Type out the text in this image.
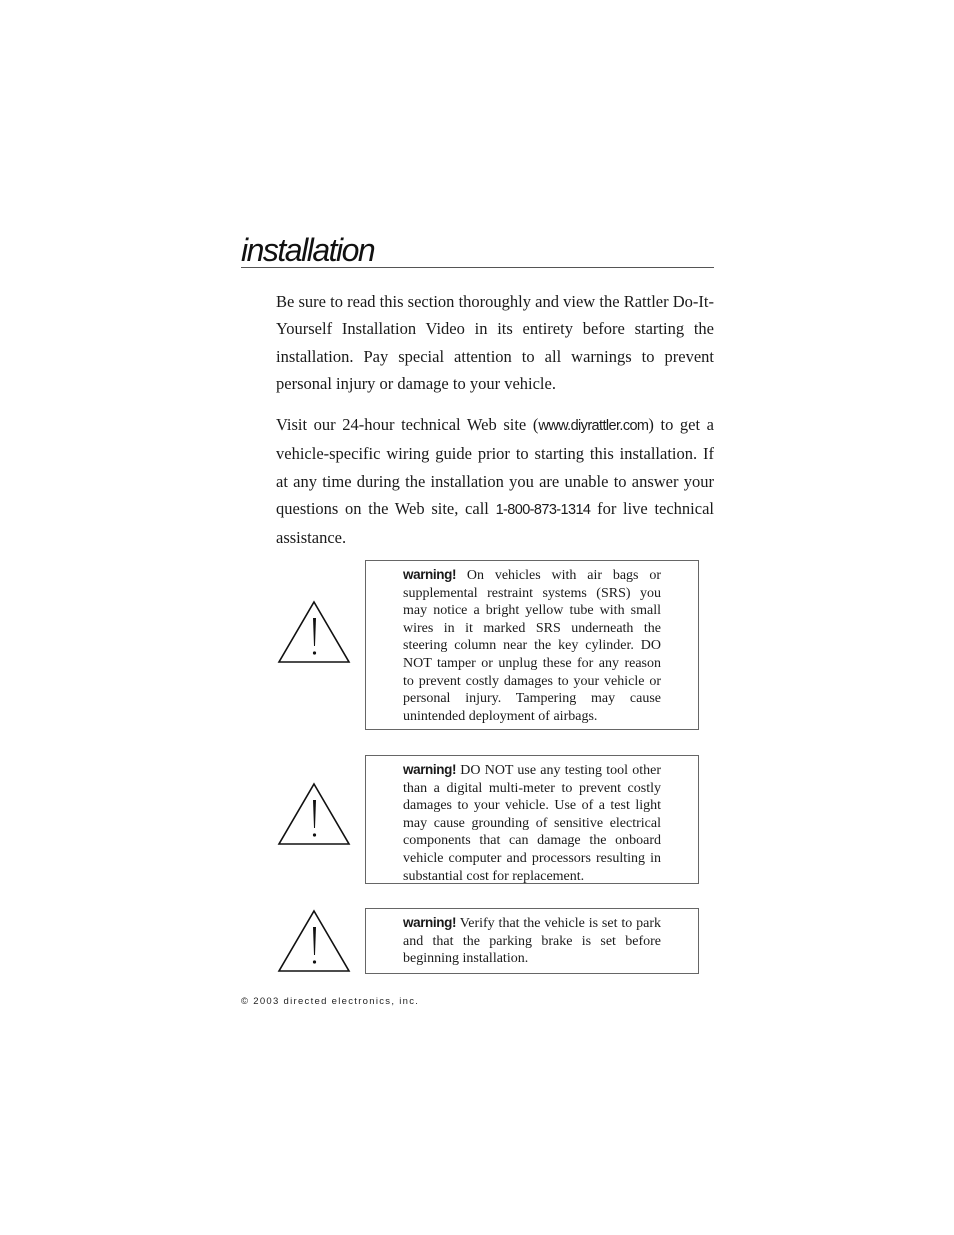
installation

Be sure to read this section thoroughly and view the Rattler Do-It-Yourself Installation Video in its entirety before starting the installation. Pay special attention to all warnings to prevent personal injury or damage to your vehicle.

Visit our 24-hour technical Web site (www.diyrattler.com) to get a vehicle-specific wiring guide prior to starting this installation. If at any time during the installation you are unable to answer your questions on the Web site, call 1-800-873-1314 for live technical assistance.

warning! On vehicles with air bags or supplemental restraint systems (SRS) you may notice a bright yellow tube with small wires in it marked SRS underneath the steering column near the key cylinder. DO NOT tamper or unplug these for any reason to prevent costly damages to your vehicle or personal injury. Tampering may cause unintended deployment of airbags.

warning! DO NOT use any testing tool other than a digital multi-meter to prevent costly damages to your vehicle. Use of a test light may cause grounding of sensitive electrical components that can damage the onboard vehicle computer and processors resulting in substantial cost for replacement.

warning! Verify that the vehicle is set to park and that the parking brake is set before beginning installation.

© 2003 directed electronics, inc.
